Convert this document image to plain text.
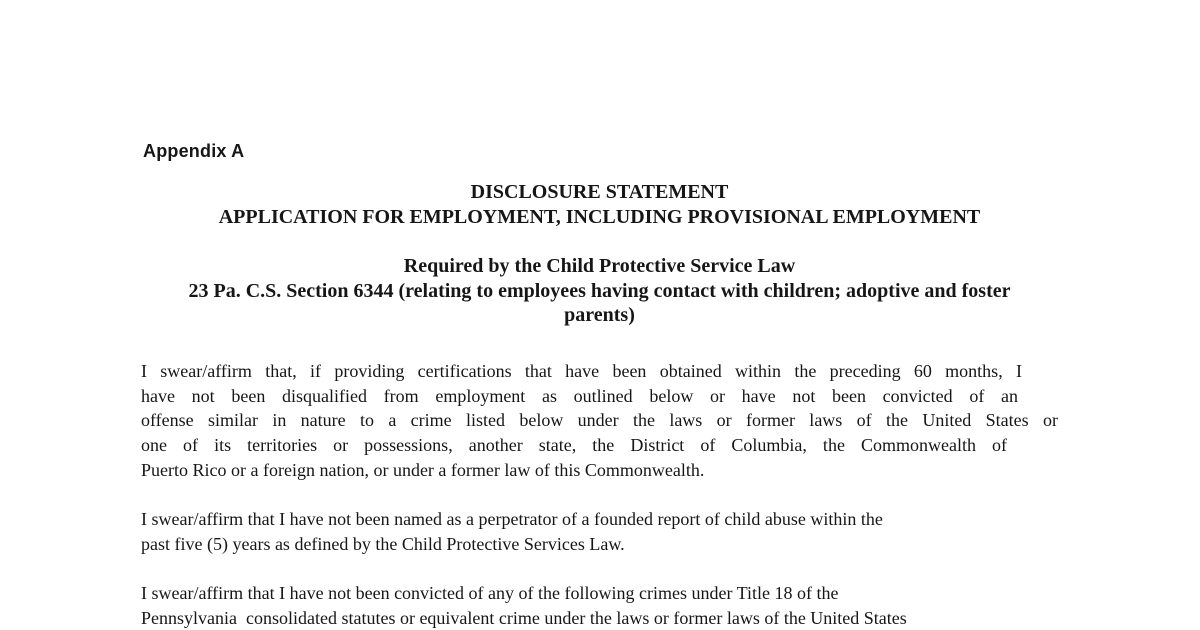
Appendix A
DISCLOSURE STATEMENT
APPLICATION FOR EMPLOYMENT, INCLUDING PROVISIONAL EMPLOYMENT
Required by the Child Protective Service Law
23 Pa. C.S. Section 6344 (relating to employees having contact with children; adoptive and foster
parents)
I swear/affirm that, if providing certifications that have been obtained within the preceding 60 months, I
have not been disqualified from employment as outlined below or have not been convicted of an
offense similar in nature to a crime listed below under the laws or former laws of the United States or
one of its territories or possessions, another state, the District of Columbia, the Commonwealth of
Puerto Rico or a foreign nation, or under a former law of this Commonwealth.
I swear/affirm that I have not been named as a perpetrator of a founded report of child abuse within the
past five (5) years as defined by the Child Protective Services Law.
I swear/affirm that I have not been convicted of any of the following crimes under Title 18 of the
Pennsylvania  consolidated statutes or equivalent crime under the laws or former laws of the United States
